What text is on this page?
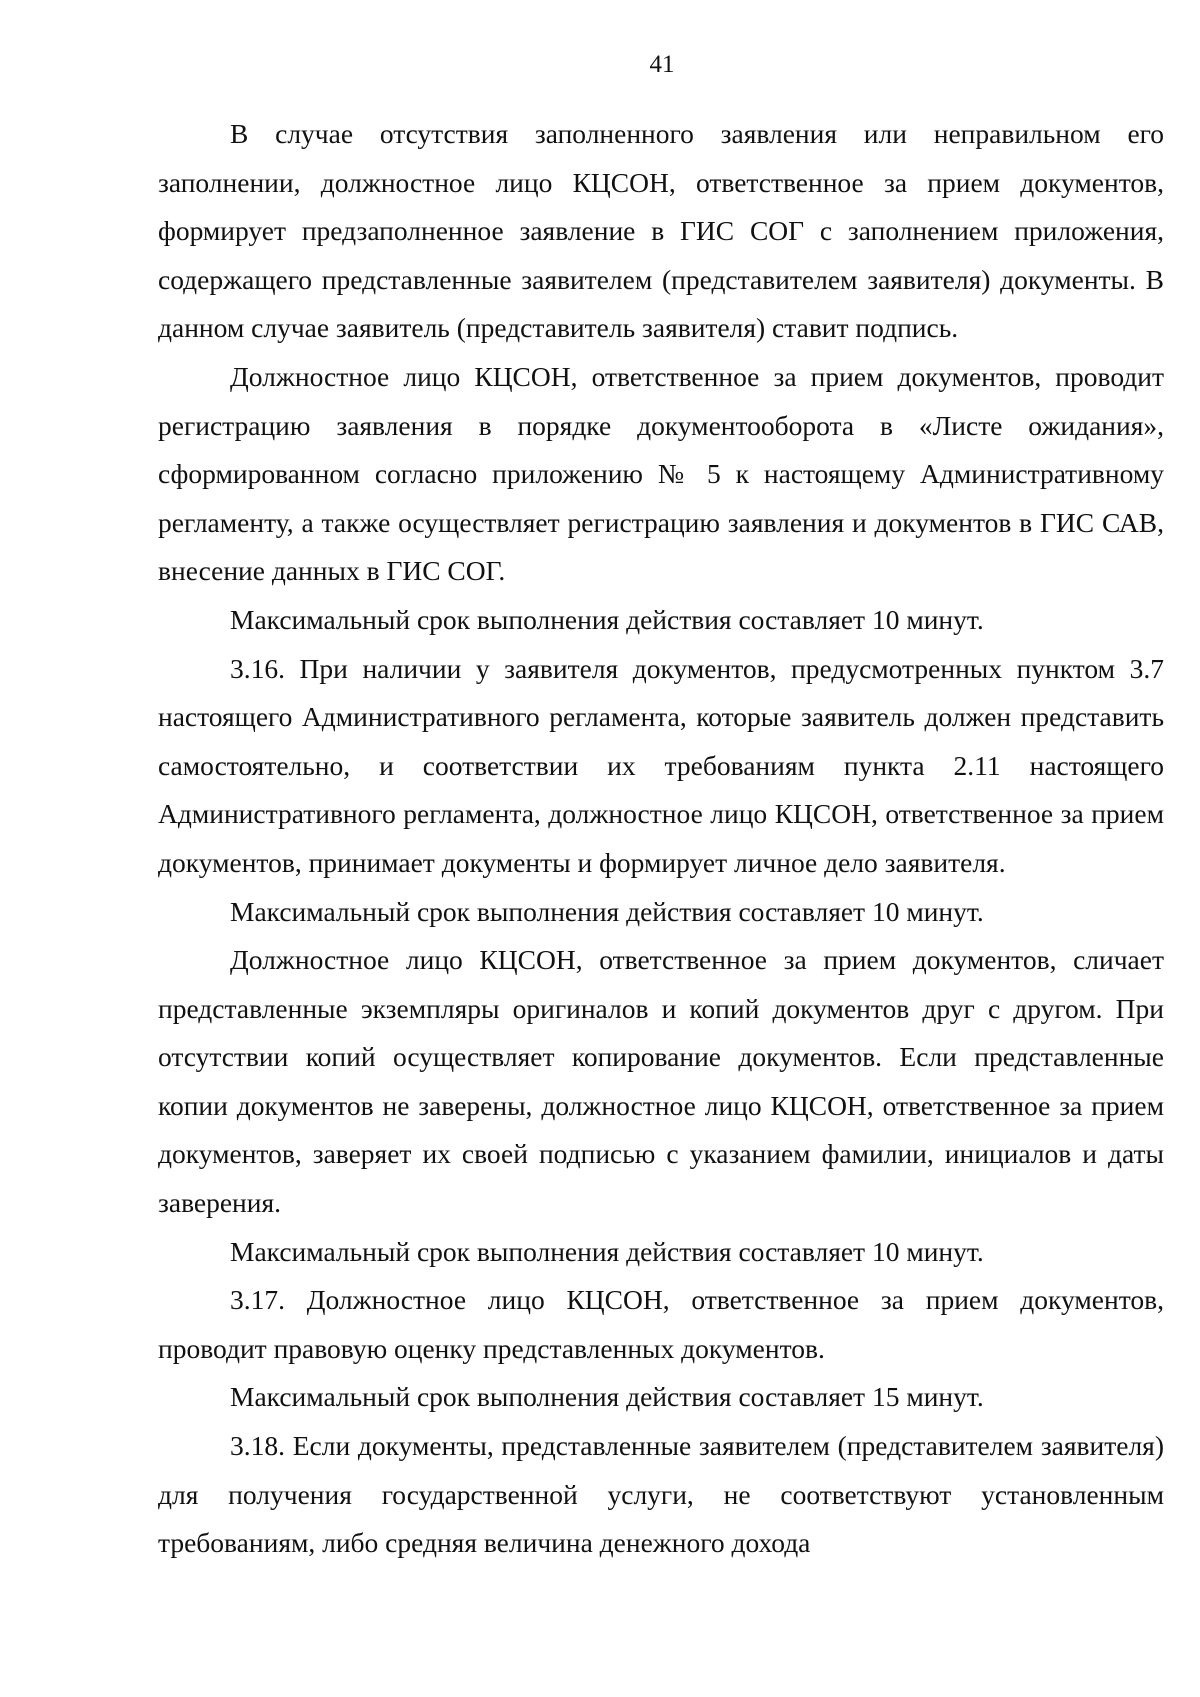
41

В случае отсутствия заполненного заявления или неправильном его заполнении, должностное лицо КЦСОН, ответственное за прием документов, формирует предзаполненное заявление в ГИС СОГ с заполнением приложения, содержащего представленные заявителем (представителем заявителя) документы. В данном случае заявитель (представитель заявителя) ставит подпись.

Должностное лицо КЦСОН, ответственное за прием документов, проводит регистрацию заявления в порядке документооборота в «Листе ожидания», сформированном согласно приложению № 5 к настоящему Административному регламенту, а также осуществляет регистрацию заявления и документов в ГИС САВ, внесение данных в ГИС СОГ.

Максимальный срок выполнения действия составляет 10 минут.

3.16. При наличии у заявителя документов, предусмотренных пунктом 3.7 настоящего Административного регламента, которые заявитель должен представить самостоятельно, и соответствии их требованиям пункта 2.11 настоящего Административного регламента, должностное лицо КЦСОН, ответственное за прием документов, принимает документы и формирует личное дело заявителя.

Максимальный срок выполнения действия составляет 10 минут.

Должностное лицо КЦСОН, ответственное за прием документов, сличает представленные экземпляры оригиналов и копий документов друг с другом. При отсутствии копий осуществляет копирование документов. Если представленные копии документов не заверены, должностное лицо КЦСОН, ответственное за прием документов, заверяет их своей подписью с указанием фамилии, инициалов и даты заверения.

Максимальный срок выполнения действия составляет 10 минут.

3.17. Должностное лицо КЦСОН, ответственное за прием документов, проводит правовую оценку представленных документов.

Максимальный срок выполнения действия составляет 15 минут.

3.18. Если документы, представленные заявителем (представителем заявителя) для получения государственной услуги, не соответствуют установленным требованиям, либо средняя величина денежного дохода
